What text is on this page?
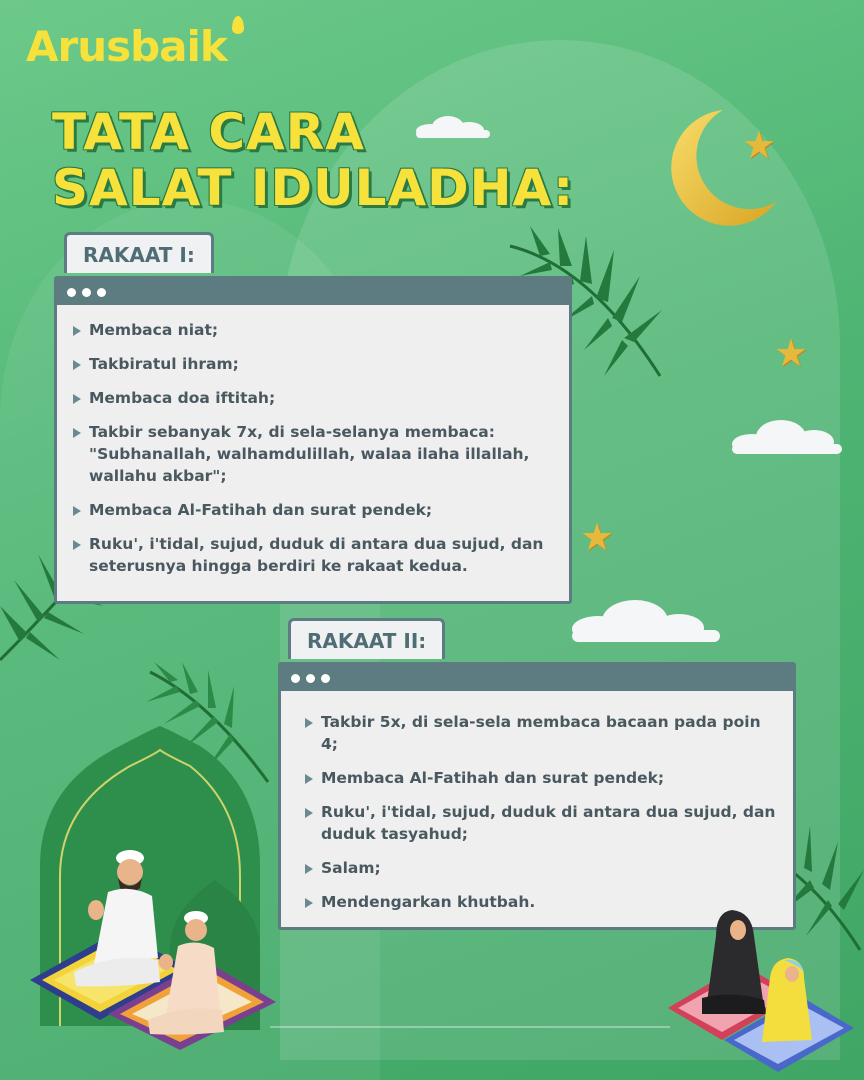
Arusbaik
TATA CARA
SALAT IDULADHA:
★
★
★
RAKAAT I:
Membaca niat;
Takbiratul ihram;
Membaca doa iftitah;
Takbir sebanyak 7x, di sela-selanya membaca: "Subhanallah, walhamdulillah, walaa ilaha illallah, wallahu akbar";
Membaca Al-Fatihah dan surat pendek;
Ruku', i'tidal, sujud, duduk di antara dua sujud, dan seterusnya hingga berdiri ke rakaat kedua.
RAKAAT II:
Takbir 5x, di sela-sela membaca bacaan pada poin 4;
Membaca Al-Fatihah dan surat pendek;
Ruku', i'tidal, sujud, duduk di antara dua sujud, dan duduk tasyahud;
Salam;
Mendengarkan khutbah.
